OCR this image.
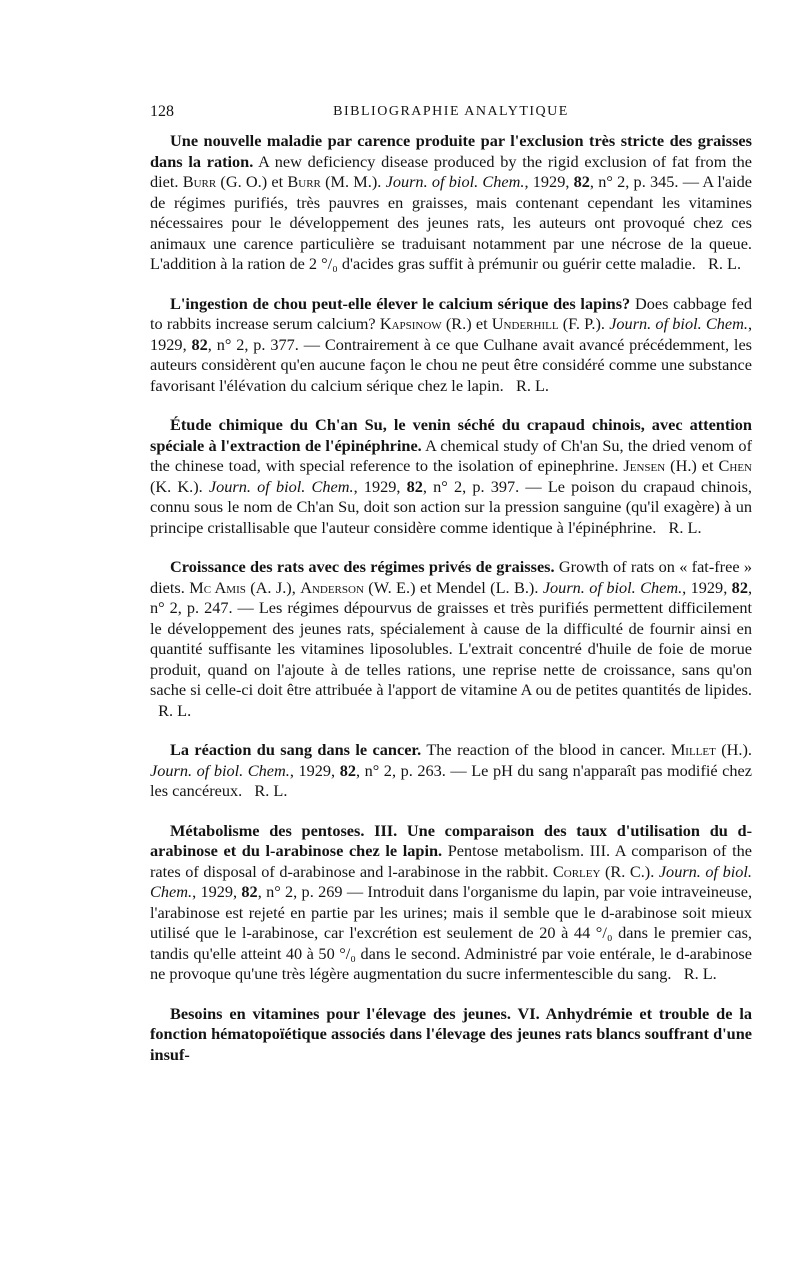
128	BIBLIOGRAPHIE ANALYTIQUE

Une nouvelle maladie par carence produite par l'exclusion très stricte des graisses dans la ration. A new deficiency disease produced by the rigid exclusion of fat from the diet. Burr (G. O.) et Burr (M. M.). Journ. of biol. Chem., 1929, 82, n° 2, p. 345. — A l'aide de régimes purifiés, très pauvres en graisses, mais contenant cependant les vitamines nécessaires pour le développement des jeunes rats, les auteurs ont provoqué chez ces animaux une carence particulière se traduisant notamment par une nécrose de la queue. L'addition à la ration de 2 °/₀ d'acides gras suffit à prémunir ou guérir cette maladie. R. L.

L'ingestion de chou peut-elle élever le calcium sérique des lapins? Does cabbage fed to rabbits increase serum calcium? Kapsinow (R.) et Underhill (F. P.). Journ. of biol. Chem., 1929, 82, n° 2, p. 377. — Contrairement à ce que Culhane avait avancé précédemment, les auteurs considèrent qu'en aucune façon le chou ne peut être considéré comme une substance favorisant l'élévation du calcium sérique chez le lapin. R. L.

Étude chimique du Ch'an Su, le venin séché du crapaud chinois, avec attention spéciale à l'extraction de l'épinéphrine. A chemical study of Ch'an Su, the dried venom of the chinese toad, with special reference to the isolation of epinephrine. Jensen (H.) et Chen (K. K.). Journ. of biol. Chem., 1929, 82, n° 2, p. 397. — Le poison du crapaud chinois, connu sous le nom de Ch'an Su, doit son action sur la pression sanguine (qu'il exagère) à un principe cristallisable que l'auteur considère comme identique à l'épinéphrine. R. L.

Croissance des rats avec des régimes privés de graisses. Growth of rats on « fat-free » diets. Mc Amis (A. J.), Anderson (W. E.) et Mendel (L. B.). Journ. of biol. Chem., 1929, 82, n° 2, p. 247. — Les régimes dépourvus de graisses et très purifiés permettent difficilement le développement des jeunes rats, spécialement à cause de la difficulté de fournir ainsi en quantité suffisante les vitamines liposolubles. L'extrait concentré d'huile de foie de morue produit, quand on l'ajoute à de telles rations, une reprise nette de croissance, sans qu'on sache si celle-ci doit être attribuée à l'apport de vitamine A ou de petites quantités de lipides.   R. L.

La réaction du sang dans le cancer. The reaction of the blood in cancer. Millet (H.). Journ. of biol. Chem., 1929, 82, n° 2, p. 263. — Le pH du sang n'apparaît pas modifié chez les cancéreux. R. L.

Métabolisme des pentoses. III. Une comparaison des taux d'utilisation du d-arabinose et du l-arabinose chez le lapin. Pentose metabolism. III. A comparison of the rates of disposal of d-arabinose and l-arabinose in the rabbit. Corley (R. C.). Journ. of biol. Chem., 1929, 82, n° 2, p. 269 — Introduit dans l'organisme du lapin, par voie intraveineuse, l'arabinose est rejeté en partie par les urines; mais il semble que le d-arabinose soit mieux utilisé que le l-arabinose, car l'excrétion est seulement de 20 à 44 °/₀ dans le premier cas, tandis qu'elle atteint 40 à 50 °/₀ dans le second. Administré par voie entérale, le d-arabinose ne provoque qu'une très légère augmentation du sucre infermentescible du sang. R. L.

Besoins en vitamines pour l'élevage des jeunes. VI. Anhydrémie et trouble de la fonction hématopoïétique associés dans l'élevage des jeunes rats blancs souffrant d'une insuf-
